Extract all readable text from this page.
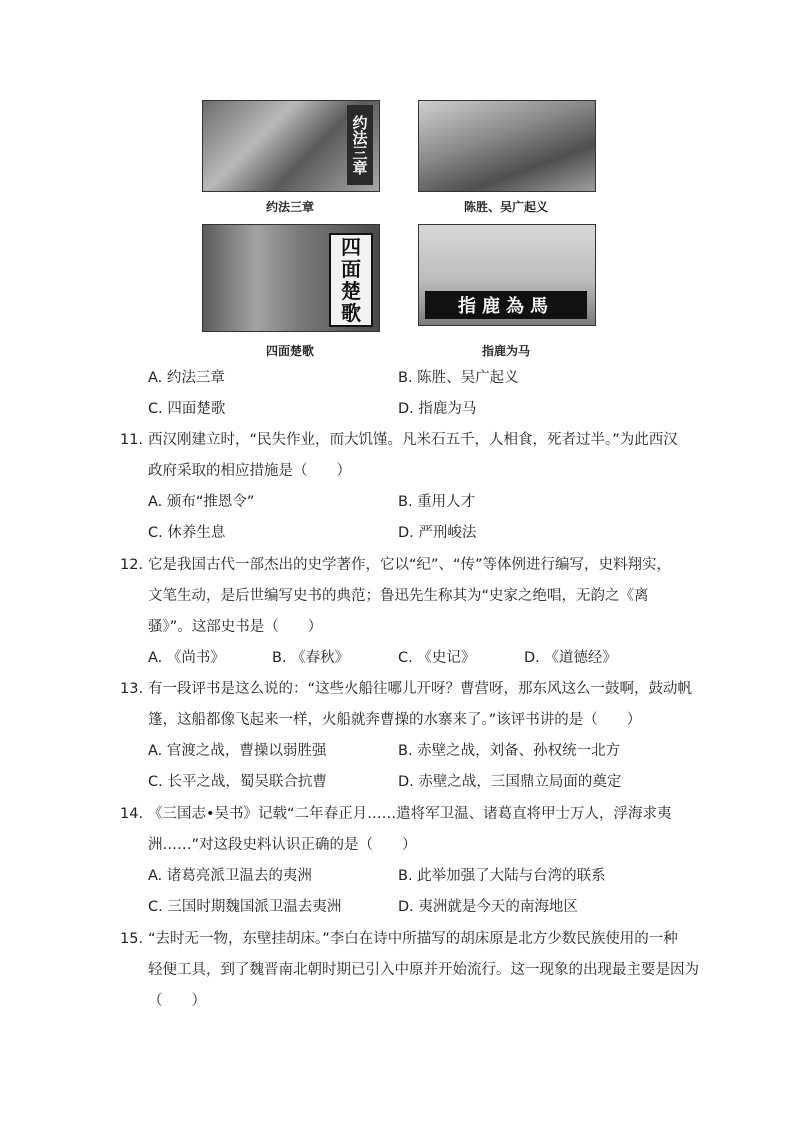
约法三章
约法三章	陈胜、吴广起义
四面楚歌
四面楚歌
指鹿為馬
指鹿为马
A. 约法三章	B. 陈胜、吴广起义
C. 四面楚歌	D. 指鹿为马
11. 西汉刚建立时，“民失作业，而大饥馑。凡米石五千，人相食，死者过半。”为此西汉
政府采取的相应措施是（　　）
A. 颁布“推恩令”	B. 重用人才
C. 休养生息	D. 严刑峻法
12. 它是我国古代一部杰出的史学著作，它以“纪”、“传”等体例进行编写，史料翔实，
文笔生动，是后世编写史书的典范；鲁迅先生称其为“史家之绝唱，无韵之《离
骚》”。这部史书是（　　）
A. 《尚书》	B. 《春秋》	C. 《史记》	D. 《道德经》
13. 有一段评书是这么说的：“这些火船往哪儿开呀？曹营呀，那东风这么一鼓啊，鼓动帆
篷，这船都像飞起来一样，火船就奔曹操的水寨来了。”该评书讲的是（　　）
A. 官渡之战，曹操以弱胜强	B. 赤壁之战，刘备、孙权统一北方
C. 长平之战，蜀吴联合抗曹	D. 赤壁之战，三国鼎立局面的奠定
14. 《三国志•吴书》记载“二年春正月……遣将军卫温、诸葛直将甲士万人，浮海求夷
洲……”对这段史料认识正确的是（　　）
A. 诸葛亮派卫温去的夷洲	B. 此举加强了大陆与台湾的联系
C. 三国时期魏国派卫温去夷洲	D. 夷洲就是今天的南海地区
15. “去时无一物，东壁挂胡床。”李白在诗中所描写的胡床原是北方少数民族使用的一种
轻便工具，到了魏晋南北朝时期已引入中原并开始流行。这一现象的出现最主要是因为
（　　）
